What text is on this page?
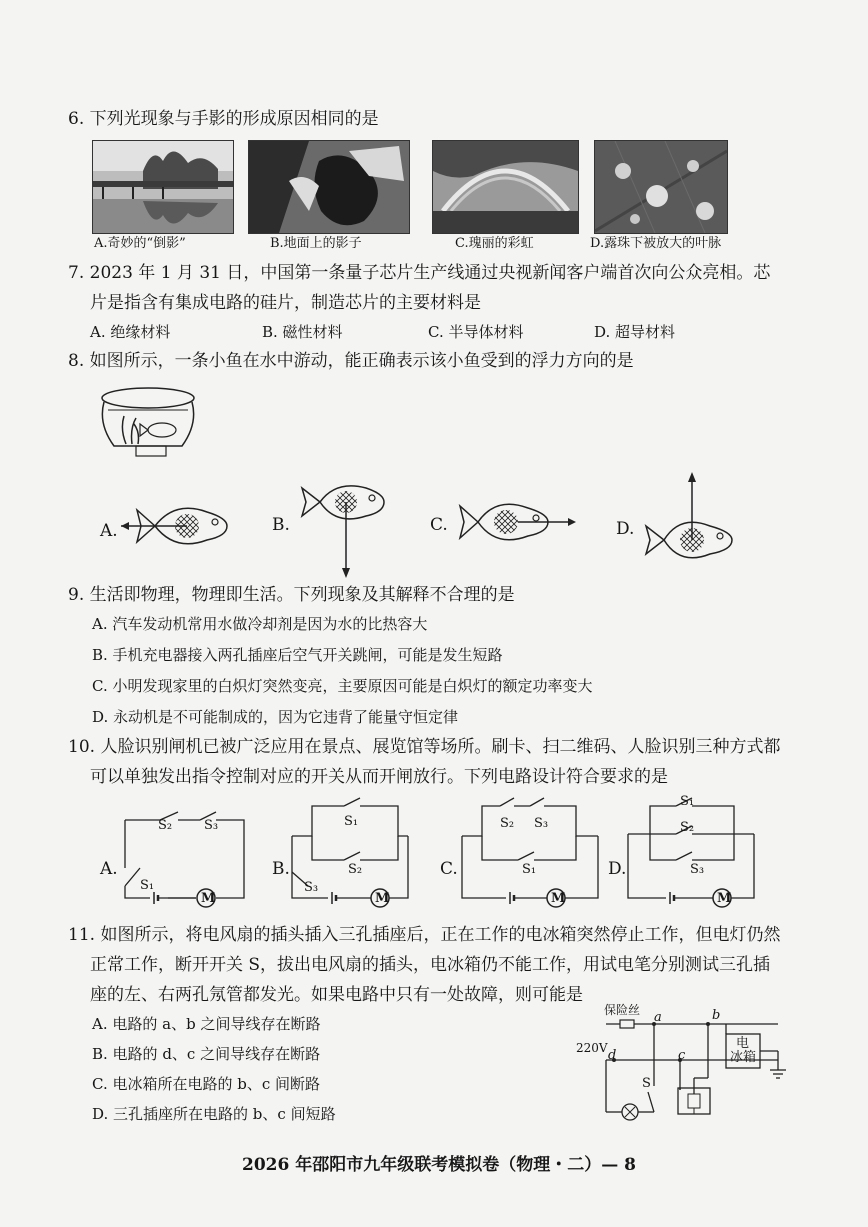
6. 下列光现象与手影的形成原因相同的是
A.奇妙的“倒影”	B.地面上的影子	C.瑰丽的彩虹	D.露珠下被放大的叶脉
7. 2023 年 1 月 31 日，中国第一条量子芯片生产线通过央视新闻客户端首次向公众亮相。芯
片是指含有集成电路的硅片，制造芯片的主要材料是
A. 绝缘材料	B. 磁性材料	C. 半导体材料	D. 超导材料
8. 如图所示，一条小鱼在水中游动，能正确表示该小鱼受到的浮力方向的是
A.	B.	C.	D.
9. 生活即物理，物理即生活。下列现象及其解释不合理的是
A. 汽车发动机常用水做冷却剂是因为水的比热容大
B. 手机充电器接入两孔插座后空气开关跳闸，可能是发生短路
C. 小明发现家里的白炽灯突然变亮，主要原因可能是白炽灯的额定功率变大
D. 永动机是不可能制成的，因为它违背了能量守恒定律
10. 人脸识别闸机已被广泛应用在景点、展览馆等场所。刷卡、扫二维码、人脸识别三种方式都
可以单独发出指令控制对应的开关从而开闸放行。下列电路设计符合要求的是
A.
S₂ S₃
S₁
M
B.
S₁
S₂
S₃
M
C.
S₂ S₃
S₁
M
D.
S₁
S₂
S₃
M
11. 如图所示，将电风扇的插头插入三孔插座后，正在工作的电冰箱突然停止工作，但电灯仍然
正常工作，断开开关 S，拔出电风扇的插头，电冰箱仍不能工作，用试电笔分别测试三孔插
座的左、右两孔氖管都发光。如果电路中只有一处故障，则可能是
A. 电路的 a、b 之间导线存在断路
B. 电路的 d、c 之间导线存在断路
C. 电冰箱所在电路的 b、c 间断路
D. 三孔插座所在电路的 b、c 间短路
保险丝
220V
a	b
c
d
电
冰箱
S
2026 年邵阳市九年级联考模拟卷（物理・二）— 8
